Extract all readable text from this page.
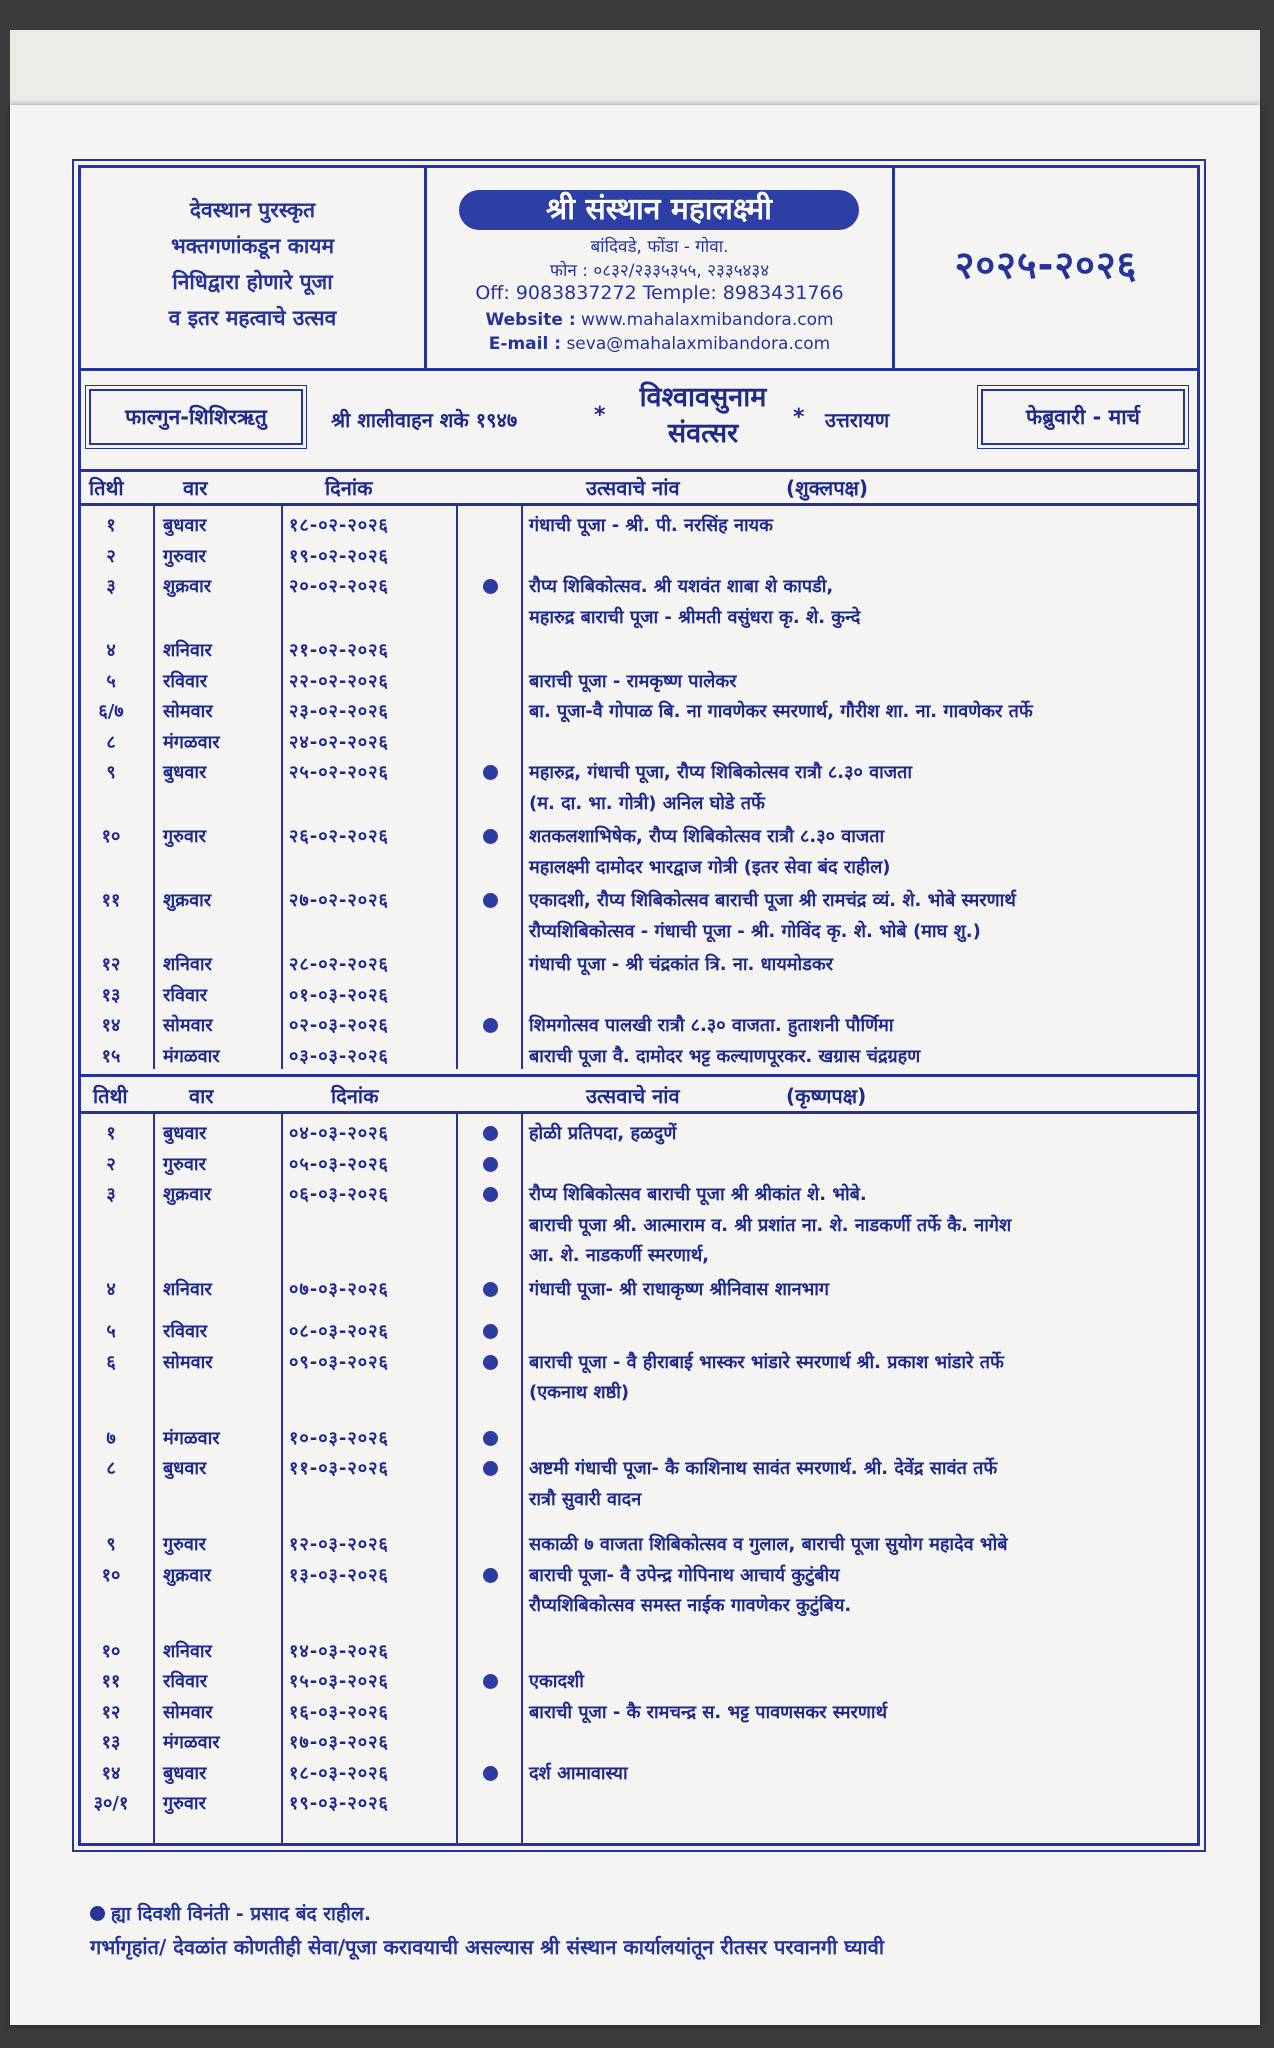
देवस्थान पुरस्कृत
भक्तगणांकडून कायम
निधिद्वारा होणारे पूजा
व इतर महत्वाचे उत्सव
श्री संस्थान महालक्ष्मी
बांदिवडे, फोंडा - गोवा.
फोन : ०८३२/२३३५३५५, २३३५४३४
Off: 9083837272 Temple: 8983431766
Website : www.mahalaxmibandora.com
E-mail : seva@mahalaxmibandora.com
२०२५-२०२६
फाल्गुन-शिशिरऋतु	श्री शालीवाहन शके १९४७	*
विश्वावसुनाम
संवत्सर
* उत्तरायण	फेब्रुवारी - मार्च
तिथी	वार	दिनांक	उत्सवाचे नांव	(शुक्लपक्ष)
१	बुधवार	१८-०२-२०२६	गंधाची पूजा - श्री. पी. नरसिंह नायक
२	गुरुवार	१९-०२-२०२६
३	शुक्रवार	२०-०२-२०२६	रौप्य शिबिकोत्सव. श्री यशवंत शाबा शे कापडी,
महारुद्र बाराची पूजा - श्रीमती वसुंधरा कृ. शे. कुन्दे
४	शनिवार	२१-०२-२०२६
५	रविवार	२२-०२-२०२६	बाराची पूजा - रामकृष्ण पालेकर
६/७	सोमवार	२३-०२-२०२६	बा. पूजा-वै गोपाळ बि. ना गावणेकर स्मरणार्थ, गौरीश शा. ना. गावणेकर तर्फे
८	मंगळवार	२४-०२-२०२६
९	बुधवार	२५-०२-२०२६	महारुद्र, गंधाची पूजा, रौप्य शिबिकोत्सव रात्रौ ८.३० वाजता
(म. दा. भा. गोत्री) अनिल घोडे तर्फे
१०	गुरुवार	२६-०२-२०२६	शतकलशाभिषेक, रौप्य शिबिकोत्सव रात्रौ ८.३० वाजता
महालक्ष्मी दामोदर भारद्वाज गोत्री (इतर सेवा बंद राहील)
११	शुक्रवार	२७-०२-२०२६	एकादशी, रौप्य शिबिकोत्सव बाराची पूजा श्री रामचंद्र व्यं. शे. भोबे स्मरणार्थ
रौप्यशिबिकोत्सव - गंधाची पूजा - श्री. गोविंद कृ. शे. भोबे (माघ शु.)
१२	शनिवार	२८-०२-२०२६	गंधाची पूजा - श्री चंद्रकांत त्रि. ना. धायमोडकर
१३	रविवार	०१-०३-२०२६
१४	सोमवार	०२-०३-२०२६	शिमगोत्सव पालखी रात्रौ ८.३० वाजता. हुताशनी पौर्णिमा
१५	मंगळवार	०३-०३-२०२६	बाराची पूजा वै. दामोदर भट्ट कल्याणपूरकर. खग्रास चंद्रग्रहण
तिथी	वार	दिनांक	उत्सवाचे नांव	(कृष्णपक्ष)
१	बुधवार	०४-०३-२०२६	होळी प्रतिपदा, हळदुणें
२	गुरुवार	०५-०३-२०२६
३	शुक्रवार	०६-०३-२०२६	रौप्य शिबिकोत्सव बाराची पूजा श्री श्रीकांत शे. भोबे.
बाराची पूजा श्री. आत्माराम व. श्री प्रशांत ना. शे. नाडकर्णी तर्फे कै. नागेश
आ. शे. नाडकर्णी स्मरणार्थ,
४	शनिवार	०७-०३-२०२६	गंधाची पूजा- श्री राधाकृष्ण श्रीनिवास शानभाग
५	रविवार	०८-०३-२०२६
६	सोमवार	०९-०३-२०२६	बाराची पूजा - वै हीराबाई भास्कर भांडारे स्मरणार्थ श्री. प्रकाश भांडारे तर्फे
(एकनाथ शष्ठी)
७	मंगळवार	१०-०३-२०२६
८	बुधवार	११-०३-२०२६	अष्टमी गंधाची पूजा- कै काशिनाथ सावंत स्मरणार्थ. श्री. देवेंद्र सावंत तर्फे
रात्रौ सुवारी वादन
९	गुरुवार	१२-०३-२०२६	सकाळी ७ वाजता शिबिकोत्सव व गुलाल, बाराची पूजा सुयोग महादेव भोबे
१०	शुक्रवार	१३-०३-२०२६	बाराची पूजा- वै उपेन्द्र गोपिनाथ आचार्य कुटुंबीय
रौप्यशिबिकोत्सव समस्त नाईक गावणेकर कुटुंबिय.
१०	शनिवार	१४-०३-२०२६
११	रविवार	१५-०३-२०२६	एकादशी
१२	सोमवार	१६-०३-२०२६	बाराची पूजा - कै रामचन्द्र स. भट्ट पावणसकर स्मरणार्थ
१३	मंगळवार	१७-०३-२०२६
१४	बुधवार	१८-०३-२०२६	दर्श आमावास्या
३०/१	गुरुवार	१९-०३-२०२६
ह्या दिवशी विनंती - प्रसाद बंद राहील.
गर्भागृहांत/ देवळांत कोणतीही सेवा/पूजा करावयाची असल्यास श्री संस्थान कार्यालयांतून रीतसर परवानगी घ्यावी
